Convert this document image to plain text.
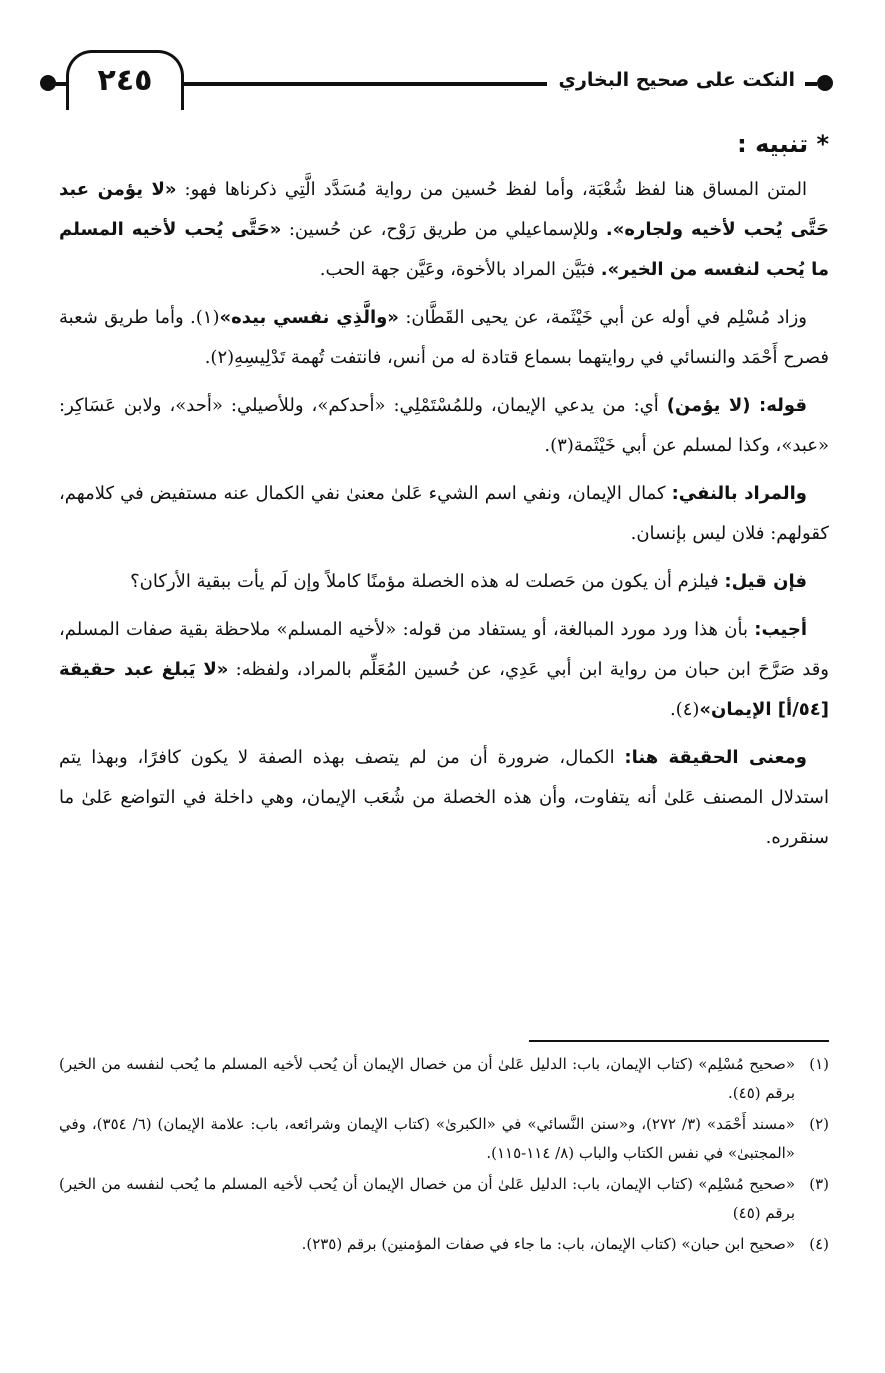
٢٤٥	النكت على صحيح البخاري
* تنبيه :

المتن المساق هنا لفظ شُعْبَة، وأما لفظ حُسين من رواية مُسَدَّد الَّتِي ذكرناها فهو: «لا يؤمن عبد حَتَّى يُحب لأخيه ولجاره». وللإسماعيلي من طريق رَوْح، عن حُسين: «حَتَّى يُحب لأخيه المسلم ما يُحب لنفسه من الخير». فبَيَّن المراد بالأخوة، وعَيَّن جهة الحب.

وزاد مُسْلِم في أوله عن أبي خَيْثَمة، عن يحيى القَطَّان: «والَّذِي نفسي بيده»(١). وأما طريق شعبة فصرح أَحْمَد والنسائي في روايتهما بسماع قتادة له من أنس، فانتفت تُهمة تَدْلِيسِهِ(٢).

قوله: (لا يؤمن) أي: من يدعي الإيمان، وللمُسْتَمْلِي: «أحدكم»، وللأصيلي: «أحد»، ولابن عَسَاكِر: «عبد»، وكذا لمسلم عن أبي خَيْثَمة(٣).

والمراد بالنفي: كمال الإيمان، ونفي اسم الشيء عَلىٰ معنىٰ نفي الكمال عنه مستفيض في كلامهم، كقولهم: فلان ليس بإنسان.

فإن قيل: فيلزم أن يكون من حَصلت له هذه الخصلة مؤمنًا كاملاً وإن لَم يأت ببقية الأركان؟

أجيب: بأن هذا ورد مورد المبالغة، أو يستفاد من قوله: «لأخيه المسلم» ملاحظة بقية صفات المسلم، وقد صَرَّحَ ابن حبان من رواية ابن أبي عَدِي، عن حُسين المُعَلِّم بالمراد، ولفظه: «لا يَبلغ عبد حقيقة [٥٤/أ] الإيمان»(٤).

ومعنى الحقيقة هنا: الكمال، ضرورة أن من لم يتصف بهذه الصفة لا يكون كافرًا، وبهذا يتم استدلال المصنف عَلىٰ أنه يتفاوت، وأن هذه الخصلة من شُعَب الإيمان، وهي داخلة في التواضع عَلىٰ ما سنقرره.

(١)
«صحيح مُسْلِم» (كتاب الإيمان، باب: الدليل عَلىٰ أن من خصال الإيمان أن يُحب لأخيه المسلم ما يُحب لنفسه من الخير) برقم (٤٥).
(٢)
«مسند أَحْمَد» (٣/ ٢٧٢)، و«سنن النَّسائي» في «الكبرىٰ» (كتاب الإيمان وشرائعه، باب: علامة الإيمان) (٦/ ٣٥٤)، وفي «المجتبىٰ» في نفس الكتاب والباب (٨/ ١١٤-١١٥).
(٣)
«صحيح مُسْلِم» (كتاب الإيمان، باب: الدليل عَلىٰ أن من خصال الإيمان أن يُحب لأخيه المسلم ما يُحب لنفسه من الخير) برقم (٤٥)
(٤)
«صحيح ابن حبان» (كتاب الإيمان، باب: ما جاء في صفات المؤمنين) برقم (٢٣٥).
